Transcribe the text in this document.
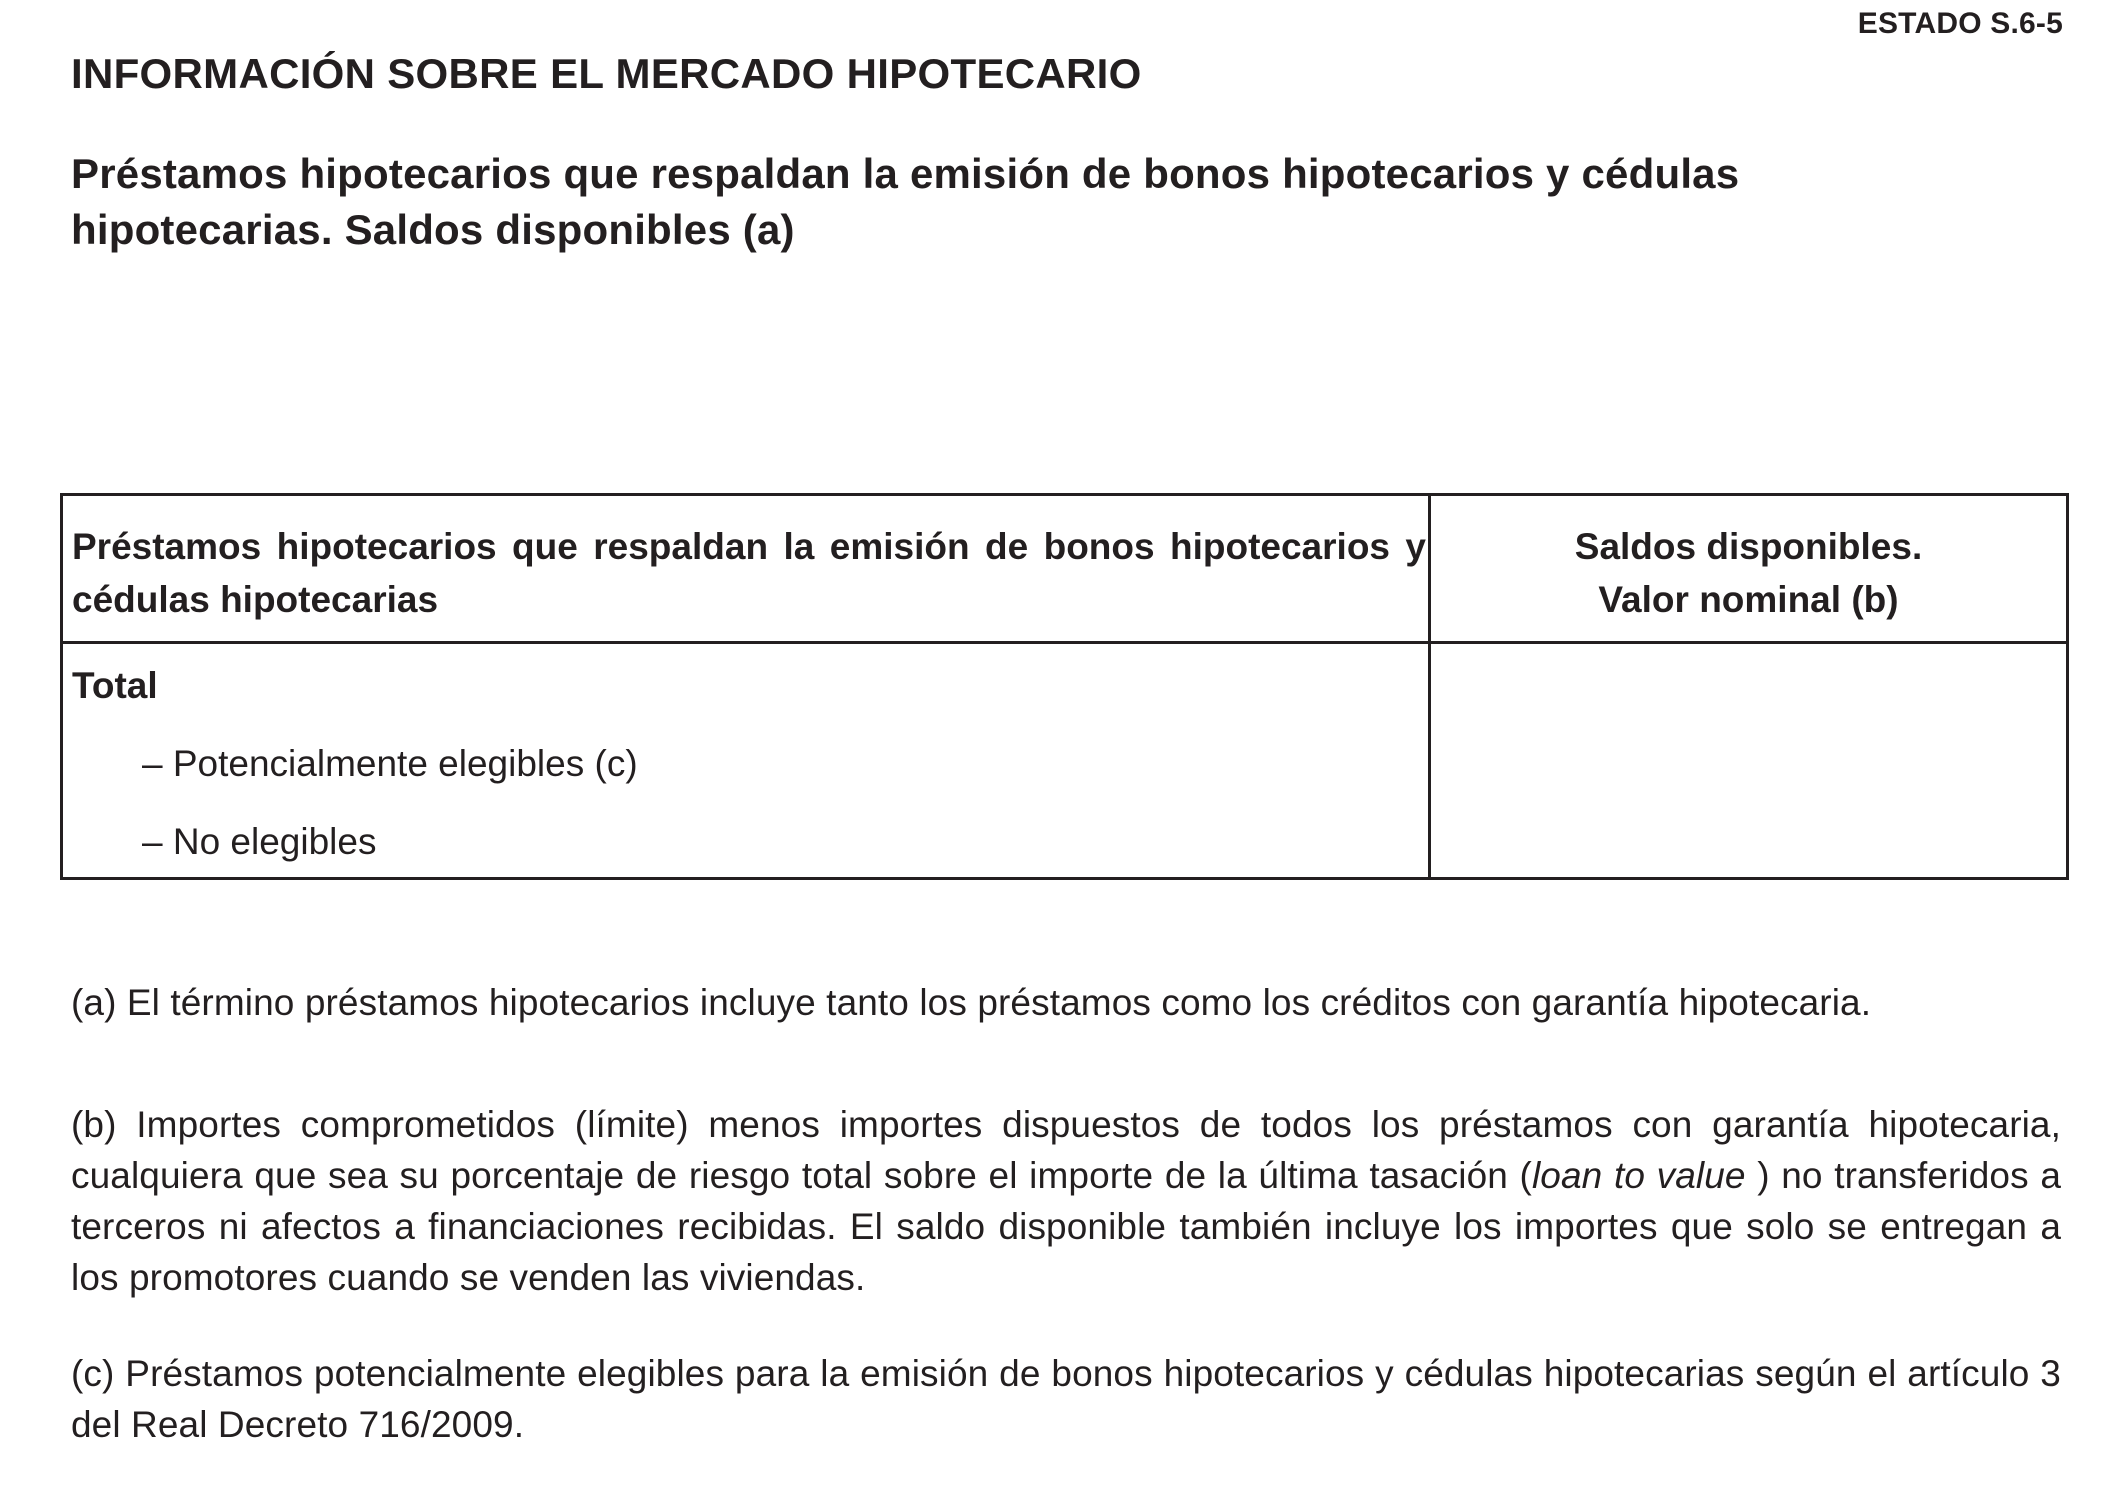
ESTADO S.6-5
INFORMACIÓN SOBRE EL MERCADO HIPOTECARIO
Préstamos hipotecarios que respaldan la emisión de bonos hipotecarios y cédulas hipotecarias. Saldos disponibles (a)
Préstamos hipotecarios que respaldan la emisión de bonos hipotecarios y cédulas hipotecarias	Saldos disponibles.
Valor nominal (b)

Total
– Potencialmente elegibles (c)
– No elegibles	

(a) El término préstamos hipotecarios incluye tanto los préstamos como los créditos con garantía hipotecaria.

(b) Importes comprometidos (límite) menos importes dispuestos de todos los préstamos con garantía hipotecaria, cualquiera que sea su porcentaje de riesgo total sobre el importe de la última tasación (loan to value ) no transferidos a terceros ni afectos a financiaciones recibidas. El saldo disponible también incluye los importes que solo se entregan a los promotores cuando se venden las viviendas.

(c) Préstamos potencialmente elegibles para la emisión de bonos hipotecarios y cédulas hipotecarias según el artículo 3 del Real Decreto 716/2009.
